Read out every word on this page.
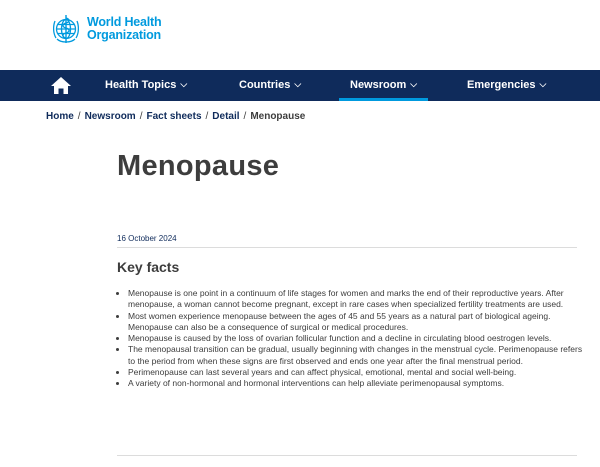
World Health
Organization
Health Topics ⌵	Countries ⌵	Newsroom ⌵	Emergencies ⌵
Home / Newsroom / Fact sheets / Detail / Menopause
Menopause
16 October 2024
Key facts
• Menopause is one point in a continuum of life stages for women and marks the end of their reproductive years. After menopause, a woman cannot become pregnant, except in rare cases when specialized fertility treatments are used.
• Most women experience menopause between the ages of 45 and 55 years as a natural part of biological ageing. Menopause can also be a consequence of surgical or medical procedures.
• Menopause is caused by the loss of ovarian follicular function and a decline in circulating blood oestrogen levels.
• The menopausal transition can be gradual, usually beginning with changes in the menstrual cycle. Perimenopause refers to the period from when these signs are first observed and ends one year after the final menstrual period.
• Perimenopause can last several years and can affect physical, emotional, mental and social well-being.
• A variety of non-hormonal and hormonal interventions can help alleviate perimenopausal symptoms.
